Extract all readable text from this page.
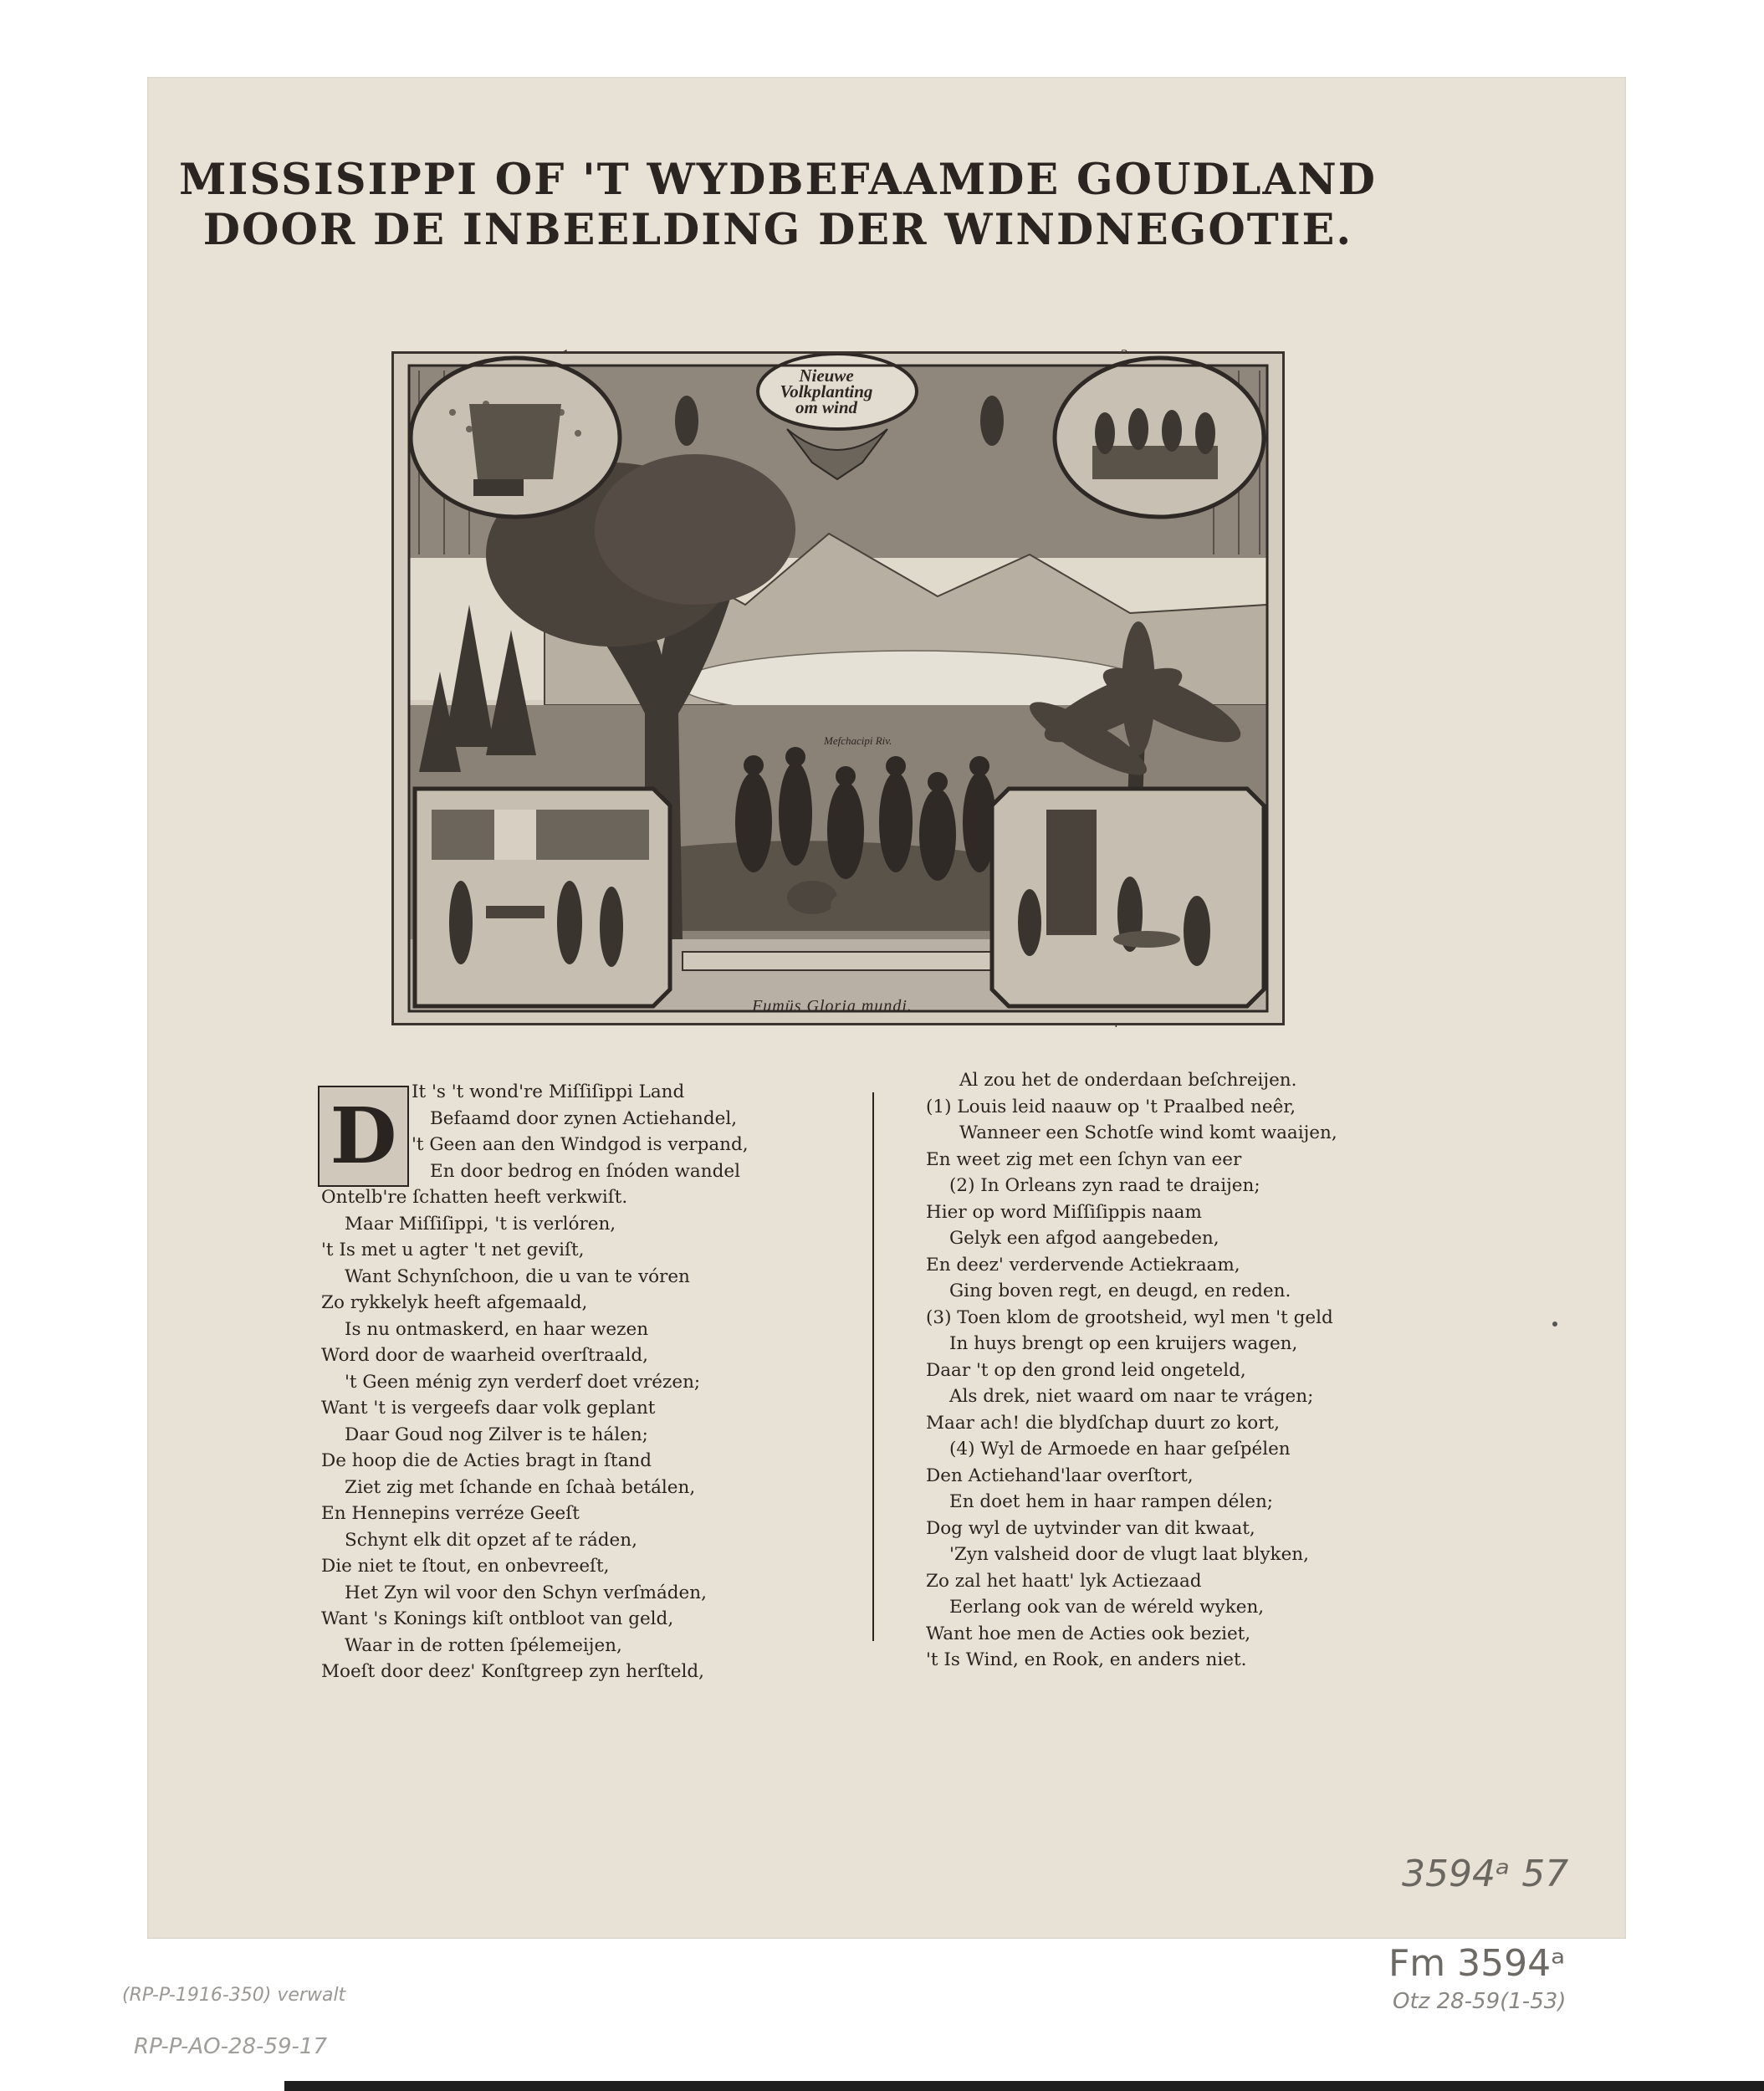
MISSISIPPI OF 'T WYDBEFAAMDE GOUDLAND
DOOR DE INBEELDING DER WINDNEGOTIE.
Nieuwe
Volkplanting
om wind
Mefchacipi Riv.
Fumüs Gloria mundi.
D It 's 't wond're Miſſiſippi Land
Befaamd door zynen Actiehandel,
't Geen aan den Windgod is verpand,
En door bedrog en ſnóden wandel
Ontelb're ſchatten heeft verkwiſt.
Maar Miſſiſippi, 't is verlóren,
't Is met u agter 't net geviſt,
Want Schynſchoon, die u van te vóren
Zo rykkelyk heeft afgemaald,
Is nu ontmaskerd, en haar wezen
Word door de waarheid overſtraald,
't Geen ménig zyn verderf doet vrézen;
Want 't is vergeefs daar volk geplant
Daar Goud nog Zilver is te hálen;
De hoop die de Acties bragt in ſtand
Ziet zig met ſchande en ſchaà betálen,
En Hennepins verréze Geeſt
Schynt elk dit opzet af te ráden,
Die niet te ſtout, en onbevreeſt,
Het Zyn wil voor den Schyn verſmáden,
Want 's Konings kiſt ontbloot van geld,
Waar in de rotten ſpélemeijen,
Moeſt door deez' Konſtgreep zyn herſteld,
Al zou het de onderdaan beſchreijen.
(1) Louis leid naauw op 't Praalbed neêr,
Wanneer een Schotſe wind komt waaijen,
En weet zig met een ſchyn van eer
(2) In Orleans zyn raad te draijen;
Hier op word Miſſiſippis naam
Gelyk een afgod aangebeden,
En deez' verdervende Actiekraam,
Ging boven regt, en deugd, en reden.
(3) Toen klom de grootsheid, wyl men 't geld
In huys brengt op een kruijers wagen,
Daar 't op den grond leid ongeteld,
Als drek, niet waard om naar te vrágen;
Maar ach! die blydſchap duurt zo kort,
(4) Wyl de Armoede en haar geſpélen
Den Actiehand'laar overſtort,
En doet hem in haar rampen délen;
Dog wyl de uytvinder van dit kwaat,
'Zyn valsheid door de vlugt laat blyken,
Zo zal het haatt' lyk Actiezaad
Eerlang ook van de wéreld wyken,
Want hoe men de Acties ook beziet,
't Is Wind, en Rook, en anders niet.
3594ᵃ 57
Fm 3594ᵃ
Otz 28-59(1-53)
(RP-P-1916-350) verwalt
RP-P-AO-28-59-17
